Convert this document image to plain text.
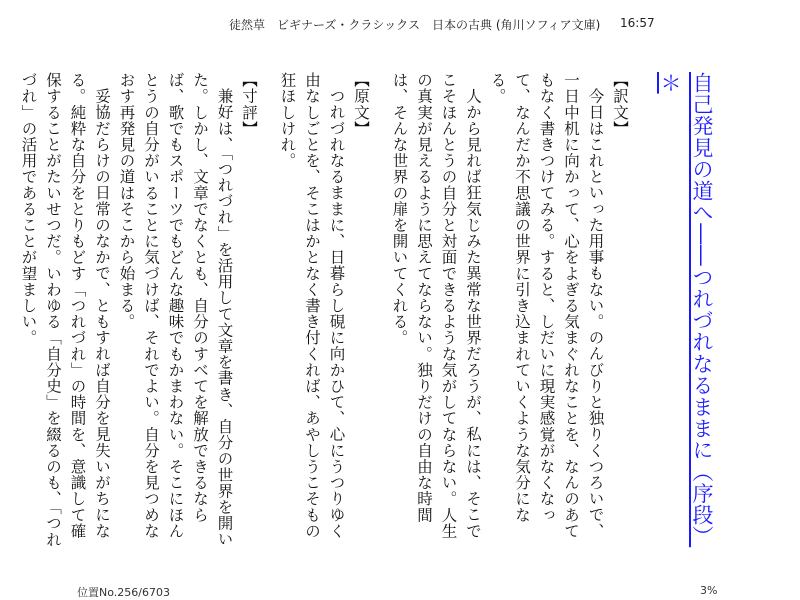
徒然草　ビギナーズ・クラシックス　日本の古典 (角川ソフィア文庫) 16:57
自己発見の道へ――つれづれなるままに（序段）＊
【訳文】
今日はこれといった用事もない。のんびりと独りくつろいで、一日中机に向かって、心をよぎる気まぐれなことを、なんのあてもなく書きつけてみる。すると、しだいに現実感覚がなくなって、なんだか不思議の世界に引き込まれていくような気分になる。
人から見れば狂気じみた異常な世界だろうが、私には、そこでこそほんとうの自分と対面できるような気がしてならない。人生の真実が見えるように思えてならない。独りだけの自由な時間は、そんな世界の扉を開いてくれる。
【原文】
つれづれなるままに、日暮らし硯に向かひて、心にうつりゆく由なしごとを、そこはかとなく書き付くれば、あやしうこそもの狂ほしけれ。
【寸評】
兼好は、「つれづれ」を活用して文章を書き、自分の世界を開いた。しかし、文章でなくとも、自分のすべてを解放できるならば、歌でもスポーツでもどんな趣味でもかまわない。そこにほんとうの自分がいることに気づけば、それでよい。自分を見つめなおす再発見の道はそこから始まる。
妥協だらけの日常のなかで、ともすれば自分を見失いがちになる。純粋な自分をとりもどす「つれづれ」の時間を、意識して確保することがたいせつだ。いわゆる「自分史」を綴るのも、「つれづれ」の活用であることが望ましい。
位置No.256/6703	3%
